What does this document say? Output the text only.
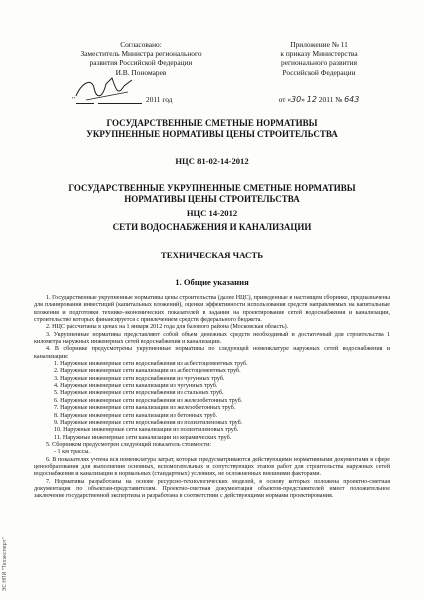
Согласовано:
Заместитель Министра регионального
развития Российской Федерации
И.В. Пономарев
"	2011 год
Приложение № 11
к приказу Министерства
регионального развития
Российской Федерации
от «30» 12 2011 № 643
ГОСУДАРСТВЕННЫЕ СМЕТНЫЕ НОРМАТИВЫ
УКРУПНЕННЫЕ НОРМАТИВЫ ЦЕНЫ СТРОИТЕЛЬСТВА
НЦС 81-02-14-2012
ГОСУДАРСТВЕННЫЕ УКРУПНЕННЫЕ СМЕТНЫЕ НОРМАТИВЫ
НОРМАТИВЫ ЦЕНЫ СТРОИТЕЛЬСТВА
НЦС 14-2012
СЕТИ ВОДОСНАБЖЕНИЯ И КАНАЛИЗАЦИИ
ТЕХНИЧЕСКАЯ ЧАСТЬ
1. Общие указания

1. Государственные укрупненные нормативы цены строительства (далее НЦС), приведенные в настоящем сборнике, предназначены для планирования инвестиций (капитальных вложений), оценки эффективности использования средств направляемых на капитальные вложения и подготовки технико-экономических показателей в задании на проектирование сетей водоснабжения и канализации, строительство которых финансируется с привлечением средств федерального бюджета.

2. НЦС рассчитаны в ценах на 1 января 2012 года для базового района (Московская область).

3. Укрупненные нормативы представляют собой объем денежных средств необходимый и достаточный для строительства 1 километра наружных инженерных сетей водоснабжения и канализации.

4. В сборнике предусмотрены укрупненные нормативы по следующей номенклатуре наружных сетей водоснабжения и канализации:

1. Наружные инженерные сети водоснабжения из асбестоцементных труб.

2. Наружные инженерные сети канализации из асбестоцементных труб.

3. Наружные инженерные сети водоснабжения из чугунных труб.

4. Наружные инженерные сети канализации из чугунных труб.

5. Наружные инженерные сети водоснабжения из стальных труб.

6. Наружные инженерные сети водоснабжения из железобетонных труб.

7. Наружные инженерные сети канализации из железобетонных труб.

8. Наружные инженерные сети канализации из бетонных труб.

9. Наружные инженерные сети водоснабжения из полиэтиленовых труб.

10. Наружные инженерные сети канализации из полиэтиленовых труб.

11. Наружные инженерные сети канализации из керамических труб.

5. Сборником предусмотрен следующий показатель стоимости:

- 1 км трассы.

6. В показателях учтена вся номенклатура затрат, которые предусматриваются действующими нормативными документами в сфере ценообразования для выполнения основных, вспомогательных и сопутствующих этапов работ для строительства наружных сетей водоснабжения и канализации в нормальных (стандартных) условиях, не осложненных внешними факторами.

7. Нормативы разработаны на основе ресурсно-технологических моделей, в основу которых положена проектно-сметная документация по объектам-представителям. Проектно-сметная документация объектов-представителей имеет положительное заключение государственной экспертизы и разработана в соответствии с действующими нормами проектирования.

ЭС НПИ "Техэксперт"
